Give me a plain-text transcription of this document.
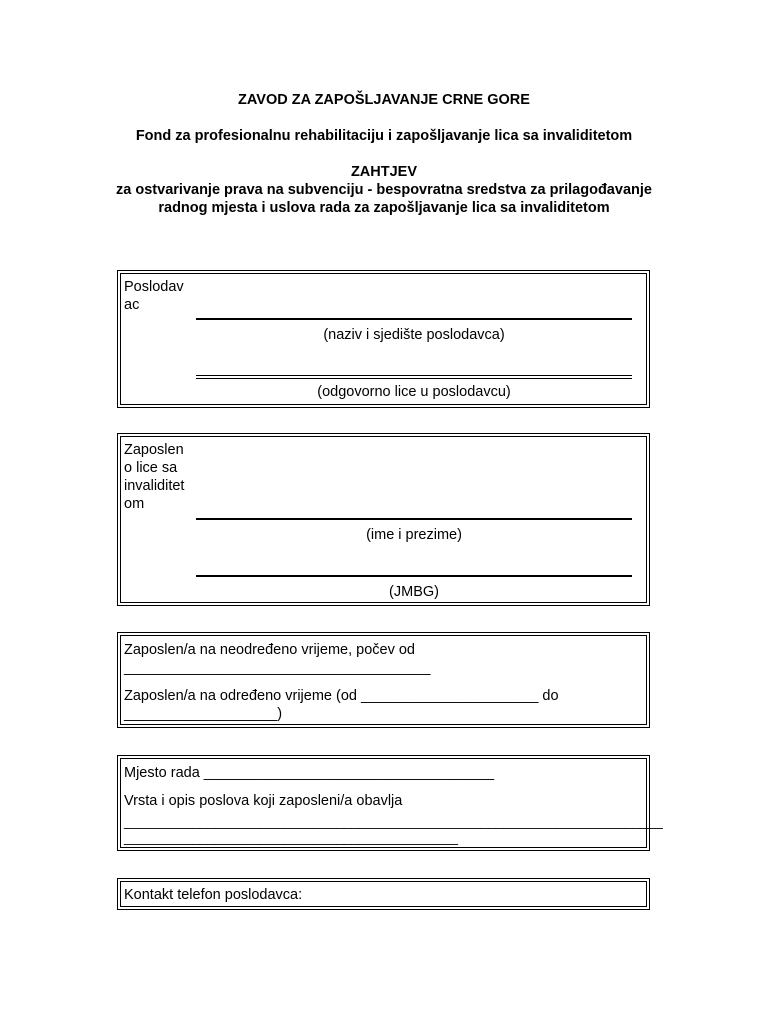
ZAVOD ZA ZAPOŠLJAVANJE CRNE GORE
Fond za profesionalnu rehabilitaciju i zapošljavanje lica sa invaliditetom
ZAHTJEV
za ostvarivanje prava na subvenciju - bespovratna sredstva za prilagođavanje
radnog mjesta i uslova rada za zapošljavanje lica sa invaliditetom
Poslodav
ac
(naziv i sjedište poslodavca)
(odgovorno lice u poslodavcu)
Zaposlen
o lice sa
invaliditet
om
(ime i prezime)
(JMBG)
Zaposlen/a na neodređeno vrijeme, počev od
______________________________________
Zaposlen/a na određeno vrijeme (od ______________________ do
___________________)
Mjesto rada ____________________________________
Vrsta i opis poslova koji zaposleni/a obavlja
_______________________________________________________________________
____________________________________________
Kontakt telefon poslodavca:
